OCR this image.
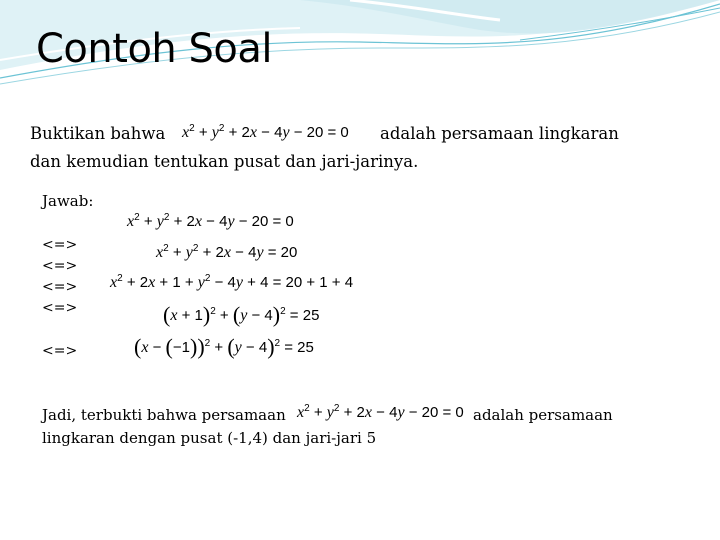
Contoh Soal
Buktikan bahwa $x^2 + y^2 + 2x - 4y - 20 = 0$ adalah persamaan lingkaran
dan kemudian tentukan pusat dan jari-jarinya.
Jawab:
$x^2 + y^2 + 2x - 4y - 20 = 0$
<=>	$x^2 + y^2 + 2x - 4y = 20$
<=>
$x^2 + 2x + 1 + y^2 - 4y + 4 = 20 + 1 + 4$
<=>
$(x + 1)^2 + (y - 4)^2 = 25$
<=>
<=>	$(x - (-1))^2 + (y - 4)^2 = 25$
Jadi, terbukti bahwa persamaan $x^2 + y^2 + 2x - 4y - 20 = 0$ adalah persamaan
lingkaran dengan pusat (-1,4) dan jari-jari 5
